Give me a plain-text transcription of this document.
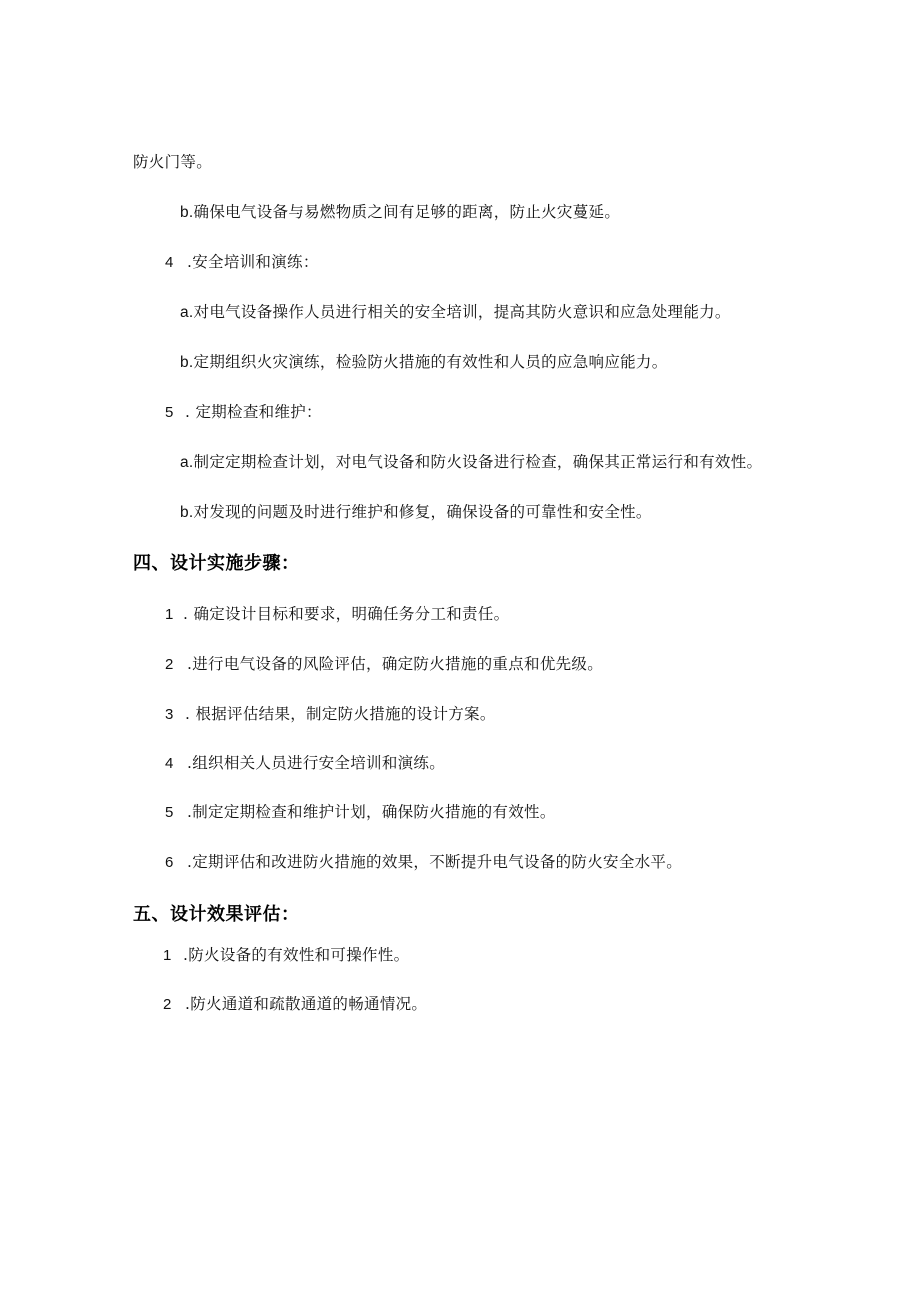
防火门等。
b.确保电气设备与易燃物质之间有足够的距离，防止火灾蔓延。
4 .安全培训和演练：
a.对电气设备操作人员进行相关的安全培训，提高其防火意识和应急处理能力。
b.定期组织火灾演练，检验防火措施的有效性和人员的应急响应能力。
5 . 定期检查和维护：
a.制定定期检查计划，对电气设备和防火设备进行检查，确保其正常运行和有效性。
b.对发现的问题及时进行维护和修复，确保设备的可靠性和安全性。
四、设计实施步骤：
1 . 确定设计目标和要求，明确任务分工和责任。
2 .进行电气设备的风险评估，确定防火措施的重点和优先级。
3 . 根据评估结果，制定防火措施的设计方案。
4 .组织相关人员进行安全培训和演练。
5 .制定定期检查和维护计划，确保防火措施的有效性。
6 .定期评估和改进防火措施的效果，不断提升电气设备的防火安全水平。
五、设计效果评估：
1 .防火设备的有效性和可操作性。
2 .防火通道和疏散通道的畅通情况。
